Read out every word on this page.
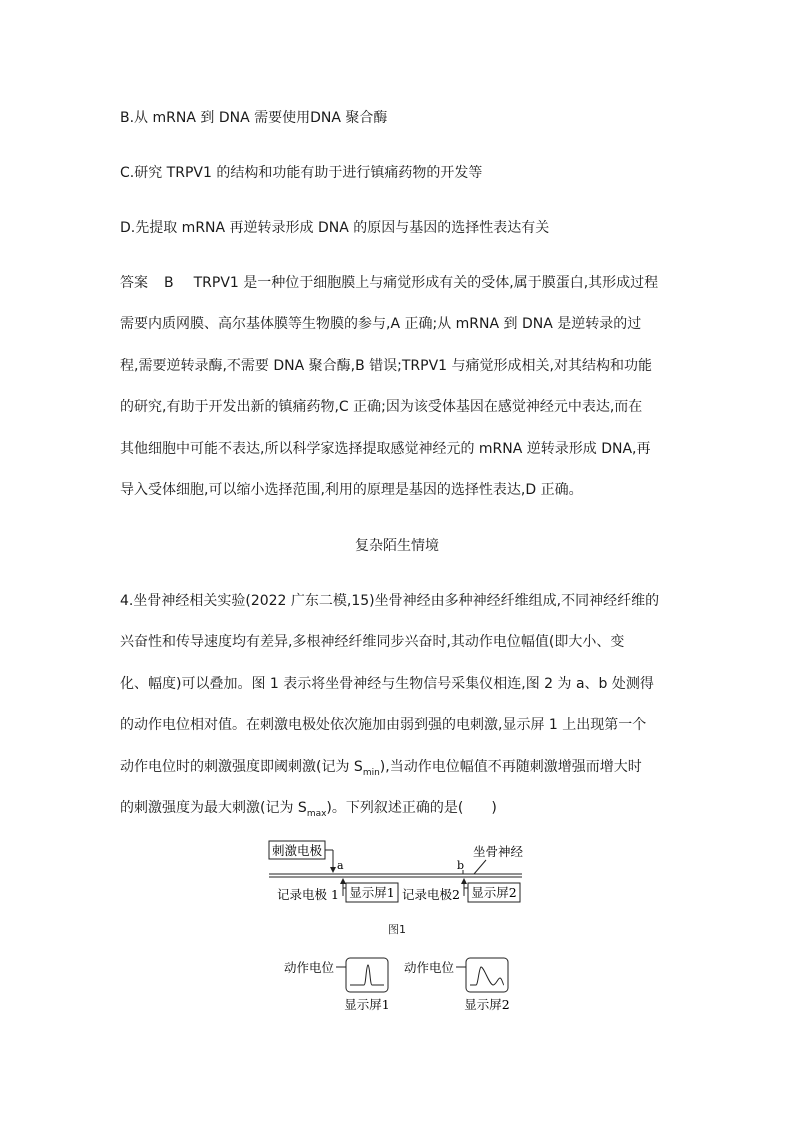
B.从 mRNA 到 DNA 需要使用DNA 聚合酶
C.研究 TRPV1 的结构和功能有助于进行镇痛药物的开发等
D.先提取 mRNA 再逆转录形成 DNA 的原因与基因的选择性表达有关
答案 B TRPV1 是一种位于细胞膜上与痛觉形成有关的受体,属于膜蛋白,其形成过程
需要内质网膜、高尔基体膜等生物膜的参与,A 正确;从 mRNA 到 DNA 是逆转录的过
程,需要逆转录酶,不需要 DNA 聚合酶,B 错误;TRPV1 与痛觉形成相关,对其结构和功能
的研究,有助于开发出新的镇痛药物,C 正确;因为该受体基因在感觉神经元中表达,而在
其他细胞中可能不表达,所以科学家选择提取感觉神经元的 mRNA 逆转录形成 DNA,再
导入受体细胞,可以缩小选择范围,利用的原理是基因的选择性表达,D 正确。
复杂陌生情境
4.坐骨神经相关实验(2022 广东二模,15)坐骨神经由多种神经纤维组成,不同神经纤维的
兴奋性和传导速度均有差异,多根神经纤维同步兴奋时,其动作电位幅值(即大小、变
化、幅度)可以叠加。图 1 表示将坐骨神经与生物信号采集仪相连,图 2 为 a、b 处测得
的动作电位相对值。在刺激电极处依次施加由弱到强的电刺激,显示屏 1 上出现第一个
动作电位时的刺激强度即阈刺激(记为 $S_{min}$),当动作电位幅值不再随刺激增强而增大时
的刺激强度为最大刺激(记为 $S_{max}$)。下列叙述正确的是(　　)
刺激电极
a	b
坐骨神经
记录电极 1 显示屏1 记录电极2 显示屏2
图1
动作电位
显示屏1
动作电位
显示屏2
